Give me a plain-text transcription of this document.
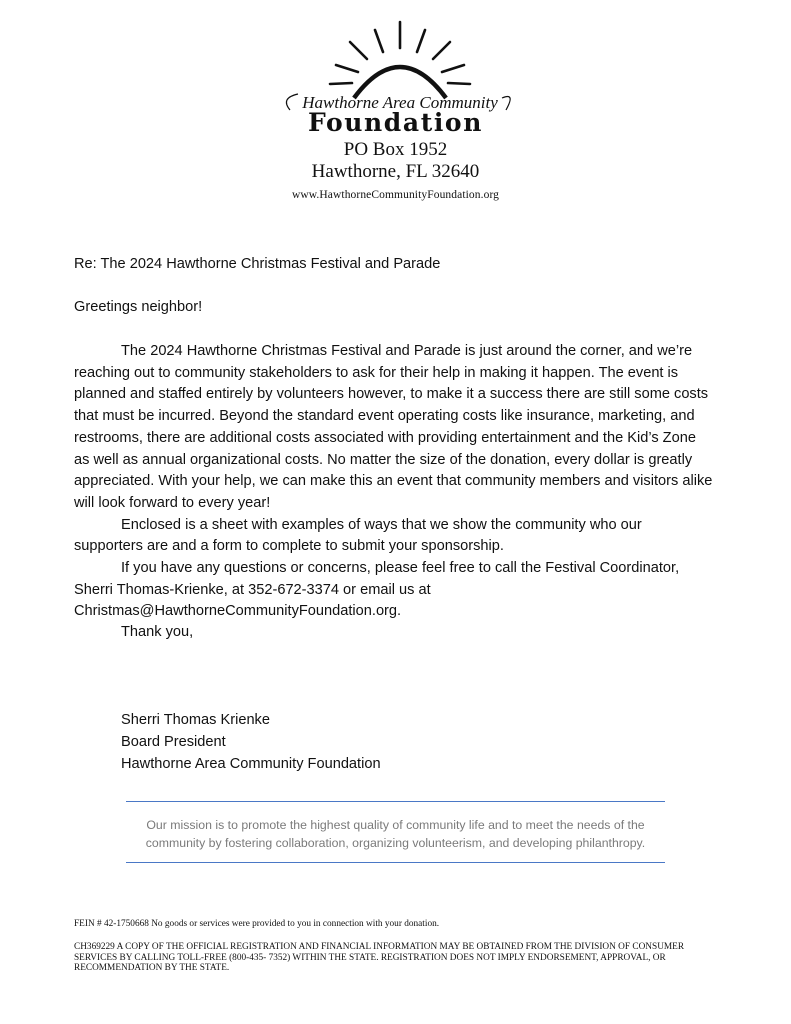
Hawthorne Area Community
Foundation
PO Box 1952
Hawthorne, FL 32640
www.HawthorneCommunityFoundation.org
Re: The 2024 Hawthorne Christmas Festival and Parade
Greetings neighbor!

The 2024 Hawthorne Christmas Festival and Parade is just around the corner, and we’re reaching out to community stakeholders to ask for their help in making it happen. The event is planned and staffed entirely by volunteers however, to make it a success there are still some costs that must be incurred. Beyond the standard event operating costs like insurance, marketing, and restrooms, there are additional costs associated with providing entertainment and the Kid’s Zone as well as annual organizational costs. No matter the size of the donation, every dollar is greatly appreciated. With your help, we can make this an event that community members and visitors alike will look forward to every year!

Enclosed is a sheet with examples of ways that we show the community who our supporters are and a form to complete to submit your sponsorship.

If you have any questions or concerns, please feel free to call the Festival Coordinator, Sherri Thomas-Krienke, at 352-672-3374 or email us at Christmas@HawthorneCommunityFoundation.org.

Thank you,
Sherri Thomas Krienke
Board President
Hawthorne Area Community Foundation
Our mission is to promote the highest quality of community life and to meet the needs of the community by fostering collaboration, organizing volunteerism, and developing philanthropy.
FEIN # 42-1750668 No goods or services were provided to you in connection with your donation.
CH369229 A COPY OF THE OFFICIAL REGISTRATION AND FINANCIAL INFORMATION MAY BE OBTAINED FROM THE DIVISION OF CONSUMER SERVICES BY CALLING TOLL-FREE (800-435- 7352) WITHIN THE STATE. REGISTRATION DOES NOT IMPLY ENDORSEMENT, APPROVAL, OR RECOMMENDATION BY THE STATE.
